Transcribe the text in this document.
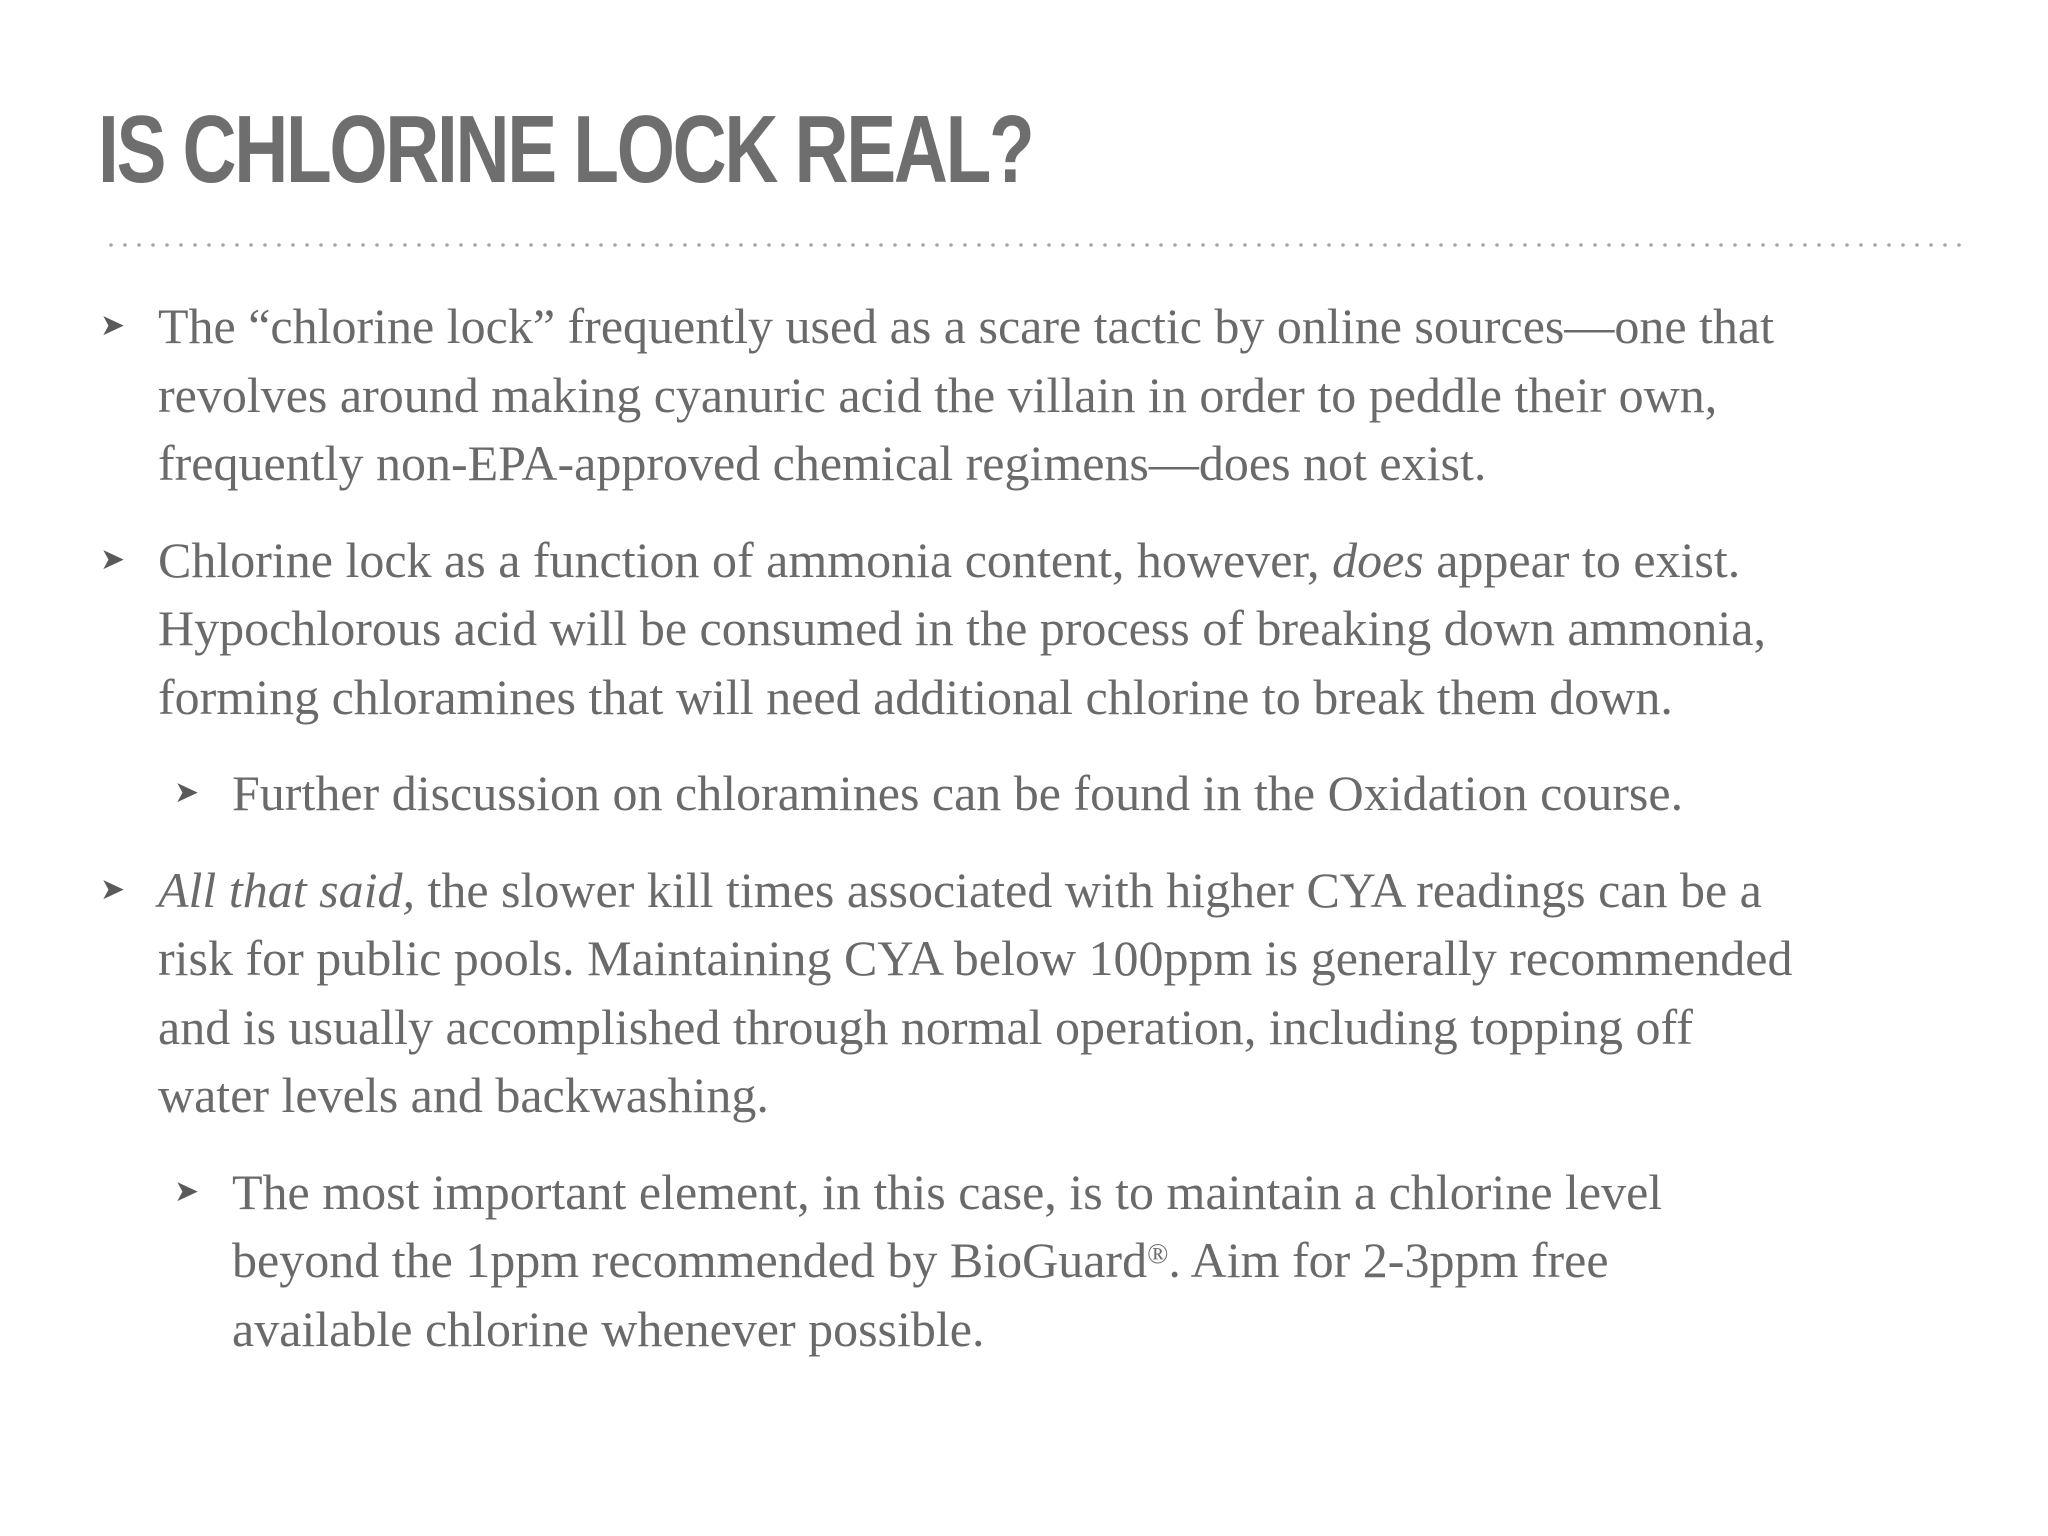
IS CHLORINE LOCK REAL?
➤ The “chlorine lock” frequently used as a scare tactic by online sources—one that
revolves around making cyanuric acid the villain in order to peddle their own,
frequently non-EPA-approved chemical regimens—does not exist.
➤ Chlorine lock as a function of ammonia content, however, does appear to exist.
Hypochlorous acid will be consumed in the process of breaking down ammonia,
forming chloramines that will need additional chlorine to break them down.
➤ Further discussion on chloramines can be found in the Oxidation course.
➤ All that said, the slower kill times associated with higher CYA readings can be a
risk for public pools. Maintaining CYA below 100ppm is generally recommended
and is usually accomplished through normal operation, including topping off
water levels and backwashing.
➤ The most important element, in this case, is to maintain a chlorine level
beyond the 1ppm recommended by BioGuard®. Aim for 2-3ppm free
available chlorine whenever possible.
